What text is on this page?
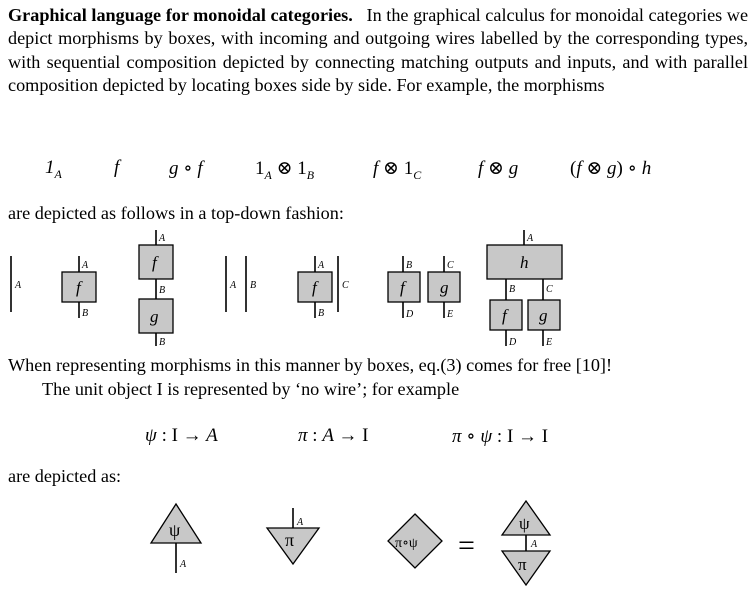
Graphical language for monoidal categories. In the graphical calculus for monoidal categories we depict morphisms by boxes, with incoming and outgoing wires labelled by the corresponding types, with sequential composition depicted by connecting matching outputs and inputs, and with parallel composition depicted by locating boxes side by side. For example, the morphisms
$1_A$	f	g ∘ f	$1_A$ ⊗ $1_B$	f ⊗ $1_C$	f ⊗ g	(f ⊗ g) ∘ h
are depicted as follows in a top-down fashion:
A
A
f
B
A
f
B
g
B
A B
A
f
B
C
B
f
D
C
g
E
A
h
B	C
f g
D	E
When representing morphisms in this manner by boxes, eq.(3) comes for free [10]!
The unit object I is represented by ‘no wire’; for example
ψ : I → A	π : A → I	π ∘ ψ : I → I
are depicted as:
ψ
A
A
π	π∘ψ =
ψ
A
π
